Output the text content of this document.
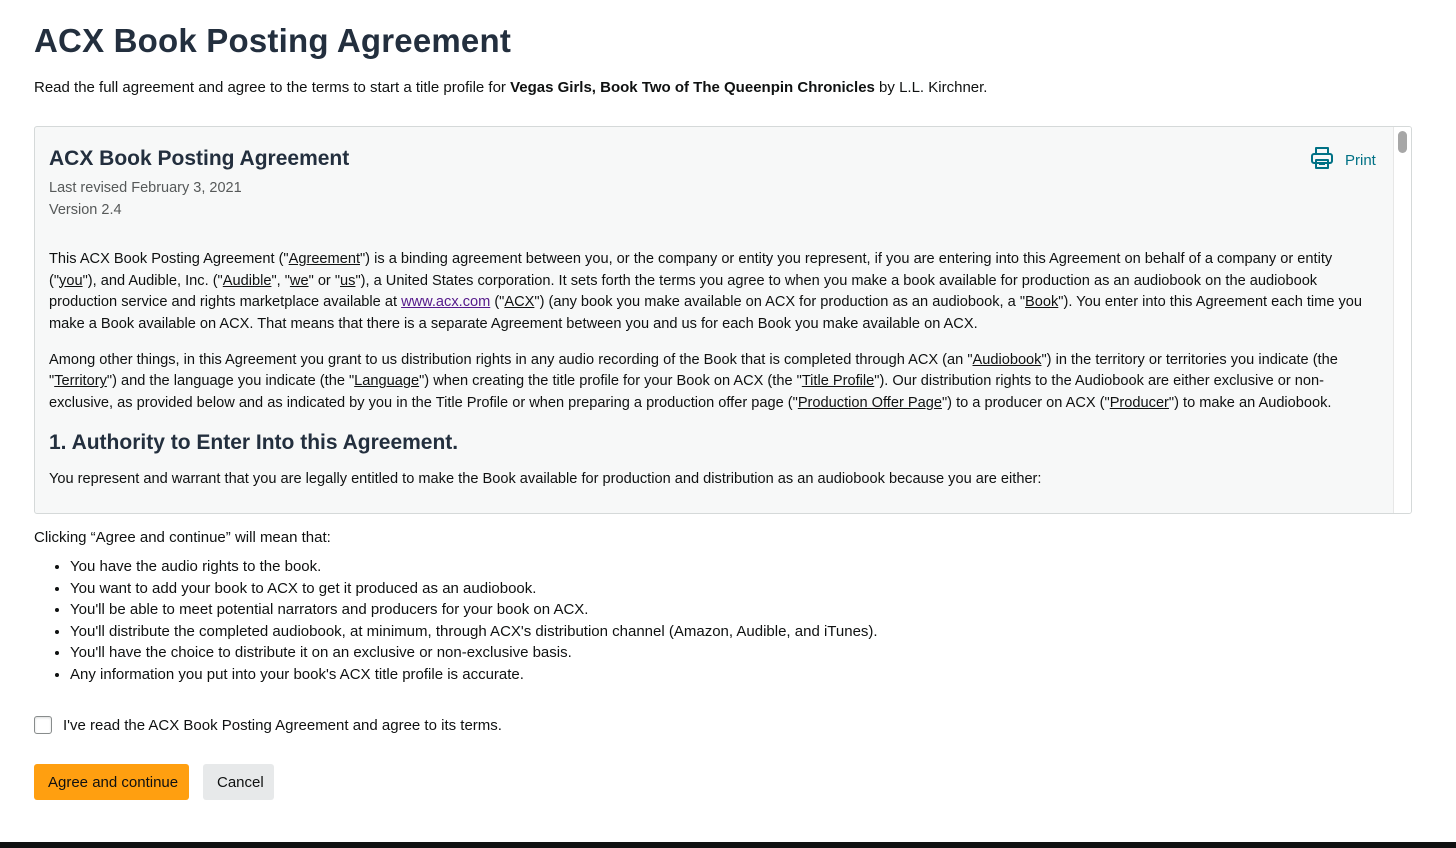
ACX Book Posting Agreement

Read the full agreement and agree to the terms to start a title profile for Vegas Girls, Book Two of The Queenpin Chronicles by L.L. Kirchner.

ACX Book Posting Agreement
Last revised February 3, 2021
Version 2.4
Print

This ACX Book Posting Agreement ("Agreement") is a binding agreement between you, or the company or entity you represent, if you are entering into this Agreement on behalf of a company or entity ("you"), and Audible, Inc. ("Audible", "we" or "us"), a United States corporation. It sets forth the terms you agree to when you make a book available for production as an audiobook on the audiobook production service and rights marketplace available at www.acx.com ("ACX") (any book you make available on ACX for production as an audiobook, a "Book"). You enter into this Agreement each time you make a Book available on ACX. That means that there is a separate Agreement between you and us for each Book you make available on ACX.

Among other things, in this Agreement you grant to us distribution rights in any audio recording of the Book that is completed through ACX (an "Audiobook") in the territory or territories you indicate (the "Territory") and the language you indicate (the "Language") when creating the title profile for your Book on ACX (the "Title Profile"). Our distribution rights to the Audiobook are either exclusive or non-exclusive, as provided below and as indicated by you in the Title Profile or when preparing a production offer page ("Production Offer Page") to a producer on ACX ("Producer") to make an Audiobook.

1. Authority to Enter Into this Agreement.

You represent and warrant that you are legally entitled to make the Book available for production and distribution as an audiobook because you are either:

Clicking “Agree and continue” will mean that:
• You have the audio rights to the book.
• You want to add your book to ACX to get it produced as an audiobook.
• You'll be able to meet potential narrators and producers for your book on ACX.
• You'll distribute the completed audiobook, at minimum, through ACX's distribution channel (Amazon, Audible, and iTunes).
• You'll have the choice to distribute it on an exclusive or non-exclusive basis.
• Any information you put into your book's ACX title profile is accurate.
I've read the ACX Book Posting Agreement and agree to its terms.
Agree and continue	Cancel
